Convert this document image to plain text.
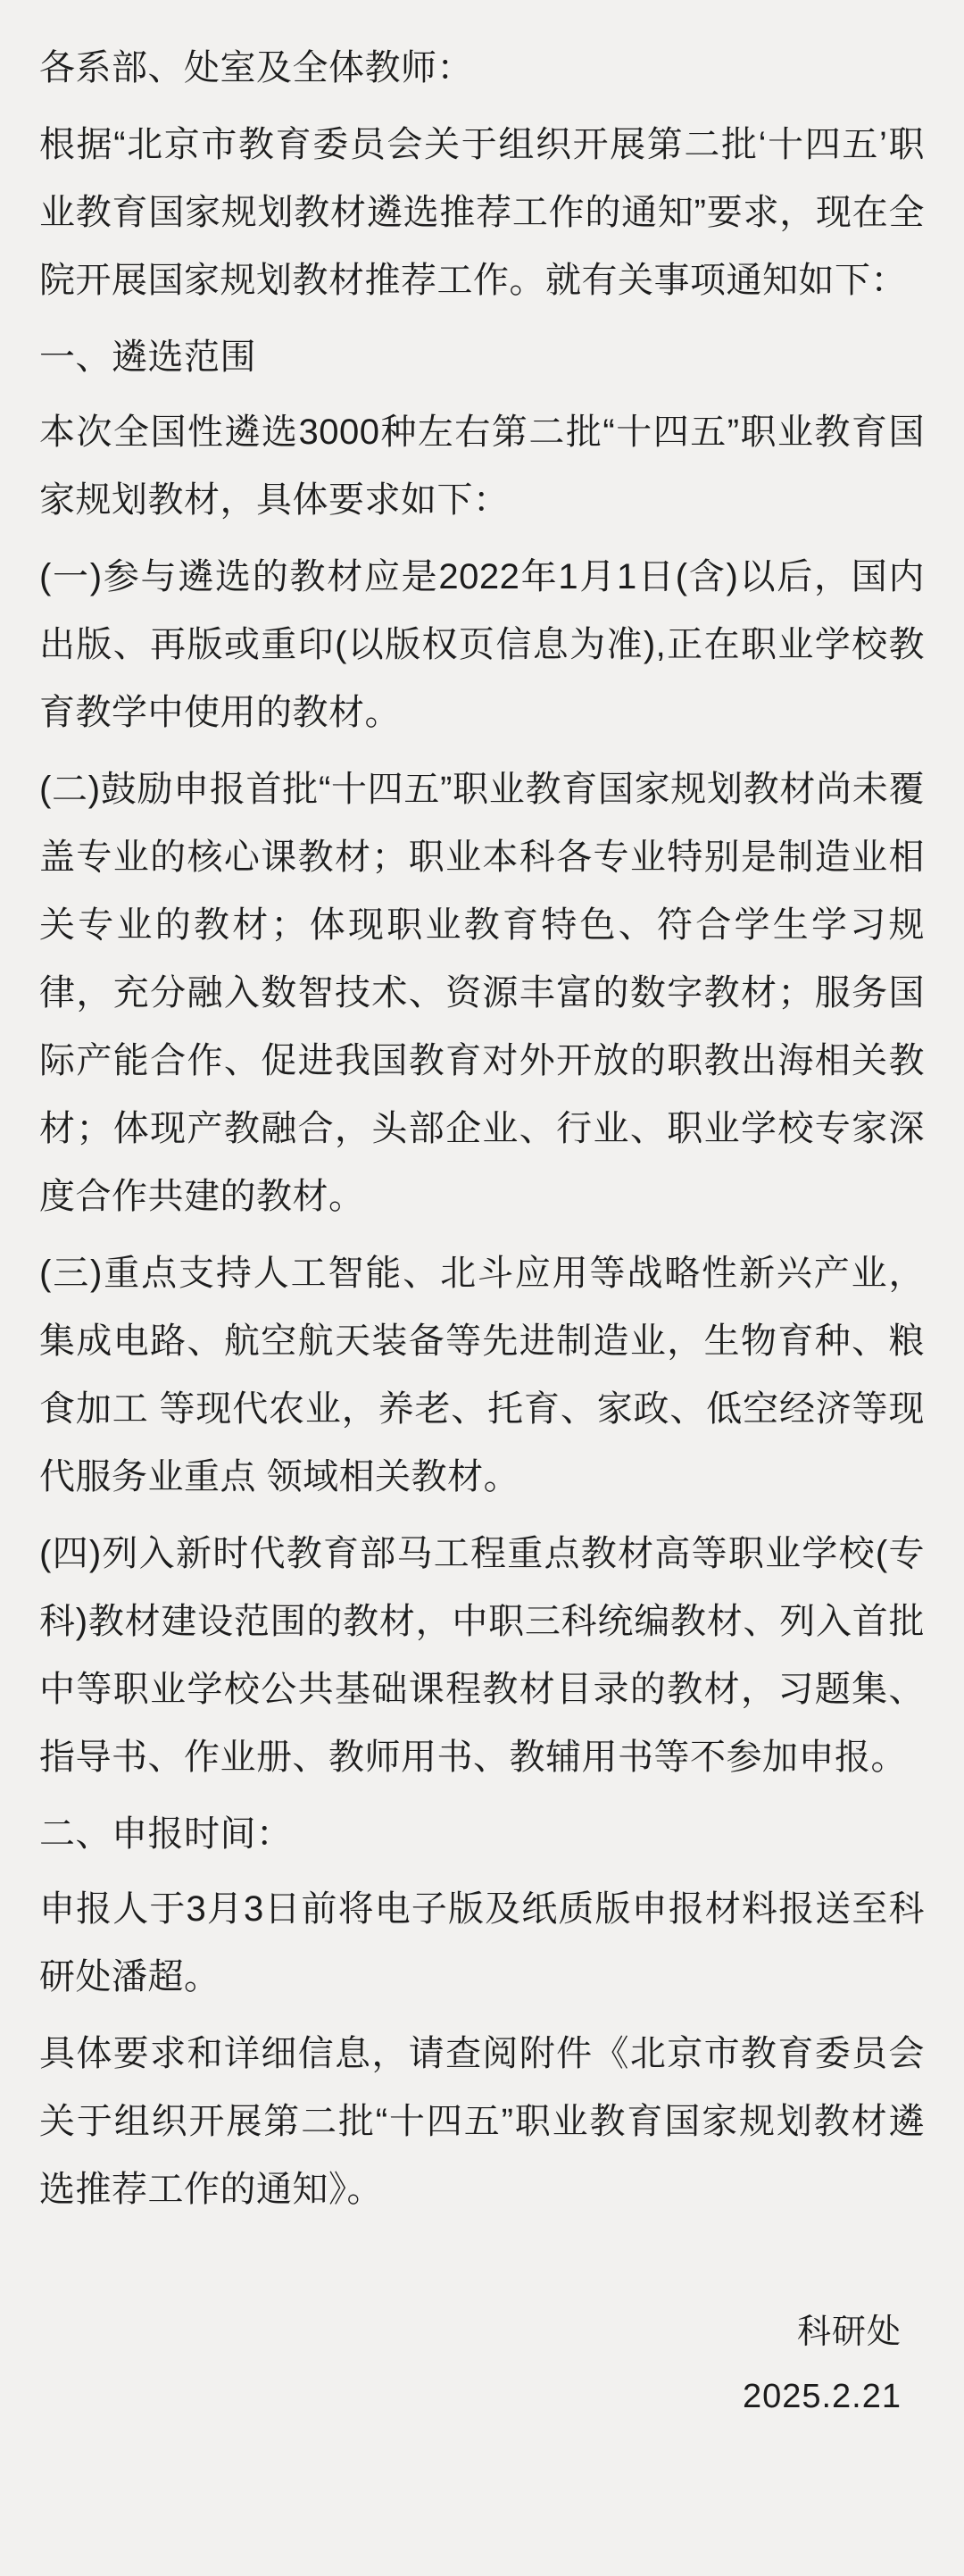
各系部、处室及全体教师：

根据“北京市教育委员会关于组织开展第二批‘十四五’职业教育国家规划教材遴选推荐工作的通知”要求，现在全院开展国家规划教材推荐工作。就有关事项通知如下：

一、遴选范围

本次全国性遴选3000种左右第二批“十四五”职业教育国家规划教材，具体要求如下：

(一)参与遴选的教材应是2022年1月1日(含)以后，国内出版、再版或重印(以版权页信息为准),正在职业学校教育教学中使用的教材。

(二)鼓励申报首批“十四五”职业教育国家规划教材尚未覆盖专业的核心课教材；职业本科各专业特别是制造业相关专业的教材；体现职业教育特色、符合学生学习规律，充分融入数智技术、资源丰富的数字教材；服务国际产能合作、促进我国教育对外开放的职教出海相关教材；体现产教融合，头部企业、行业、职业学校专家深度合作共建的教材。

(三)重点支持人工智能、北斗应用等战略性新兴产业， 集成电路、航空航天装备等先进制造业，生物育种、粮食加工 等现代农业，养老、托育、家政、低空经济等现代服务业重点 领域相关教材。

(四)列入新时代教育部马工程重点教材高等职业学校(专科)教材建设范围的教材，中职三科统编教材、列入首批中等职业学校公共基础课程教材目录的教材，习题集、指导书、作业册、教师用书、教辅用书等不参加申报。

二、申报时间：

申报人于3月3日前将电子版及纸质版申报材料报送至科研处潘超。

具体要求和详细信息，请查阅附件《北京市教育委员会关于组织开展第二批“十四五”职业教育国家规划教材遴选推荐工作的通知》。

科研处
2025.2.21
